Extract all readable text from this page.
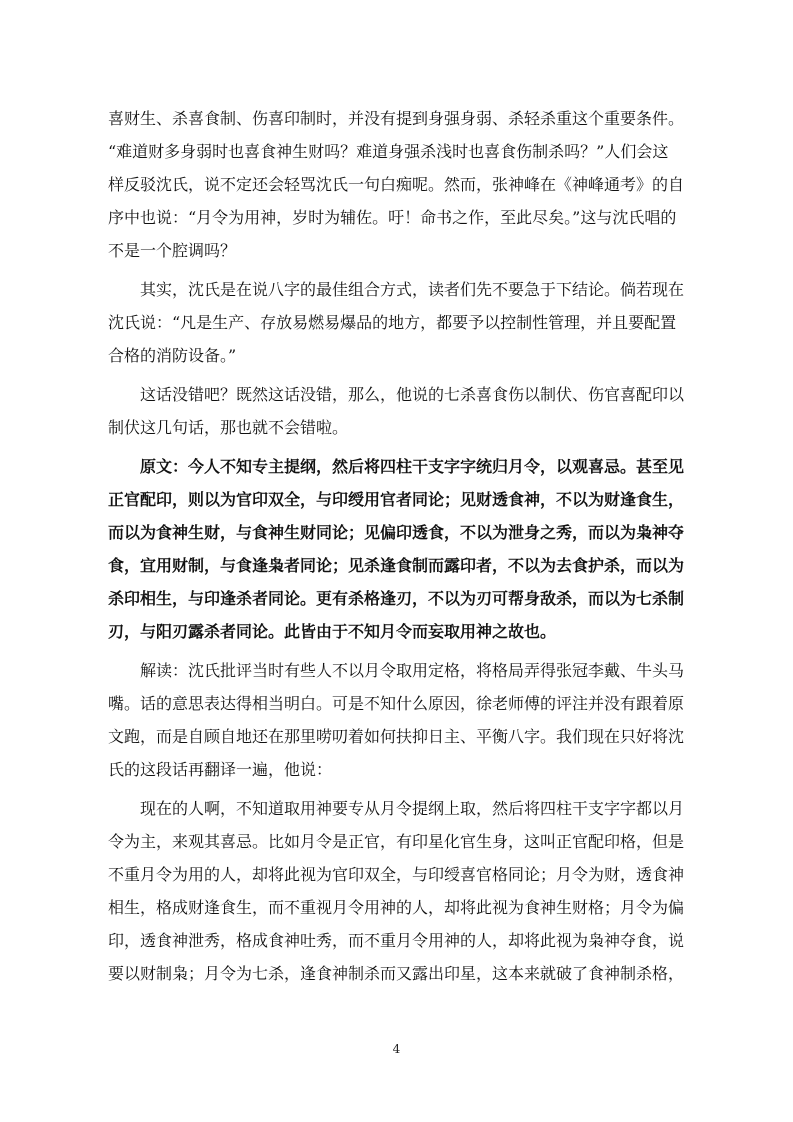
喜财生、杀喜食制、伤喜印制时，并没有提到身强身弱、杀轻杀重这个重要条件。
“难道财多身弱时也喜食神生财吗？难道身强杀浅时也喜食伤制杀吗？”人们会这
样反驳沈氏，说不定还会轻骂沈氏一句白痴呢。然而，张神峰在《神峰通考》的自
序中也说：“月令为用神，岁时为辅佐。吁！命书之作，至此尽矣。”这与沈氏唱的
不是一个腔调吗？
其实，沈氏是在说八字的最佳组合方式，读者们先不要急于下结论。倘若现在
沈氏说：“凡是生产、存放易燃易爆品的地方，都要予以控制性管理，并且要配置
合格的消防设备。”
这话没错吧？既然这话没错，那么，他说的七杀喜食伤以制伏、伤官喜配印以
制伏这几句话，那也就不会错啦。
原文：今人不知专主提纲，然后将四柱干支字字统归月令，以观喜忌。甚至见
正官配印，则以为官印双全，与印绶用官者同论；见财透食神，不以为财逢食生，
而以为食神生财，与食神生财同论；见偏印透食，不以为泄身之秀，而以为枭神夺
食，宜用财制，与食逢枭者同论；见杀逢食制而露印者，不以为去食护杀，而以为
杀印相生，与印逢杀者同论。更有杀格逢刃，不以为刃可帮身敌杀，而以为七杀制
刃，与阳刃露杀者同论。此皆由于不知月令而妄取用神之故也。
解读：沈氏批评当时有些人不以月令取用定格，将格局弄得张冠李戴、牛头马
嘴。话的意思表达得相当明白。可是不知什么原因，徐老师傅的评注并没有跟着原
文跑，而是自顾自地还在那里唠叨着如何扶抑日主、平衡八字。我们现在只好将沈
氏的这段话再翻译一遍，他说：
现在的人啊，不知道取用神要专从月令提纲上取，然后将四柱干支字字都以月
令为主，来观其喜忌。比如月令是正官，有印星化官生身，这叫正官配印格，但是
不重月令为用的人，却将此视为官印双全，与印绶喜官格同论；月令为财，透食神
相生，格成财逢食生，而不重视月令用神的人，却将此视为食神生财格；月令为偏
印，透食神泄秀，格成食神吐秀，而不重月令用神的人，却将此视为枭神夺食，说
要以财制枭；月令为七杀，逢食神制杀而又露出印星，这本来就破了食神制杀格，
4
